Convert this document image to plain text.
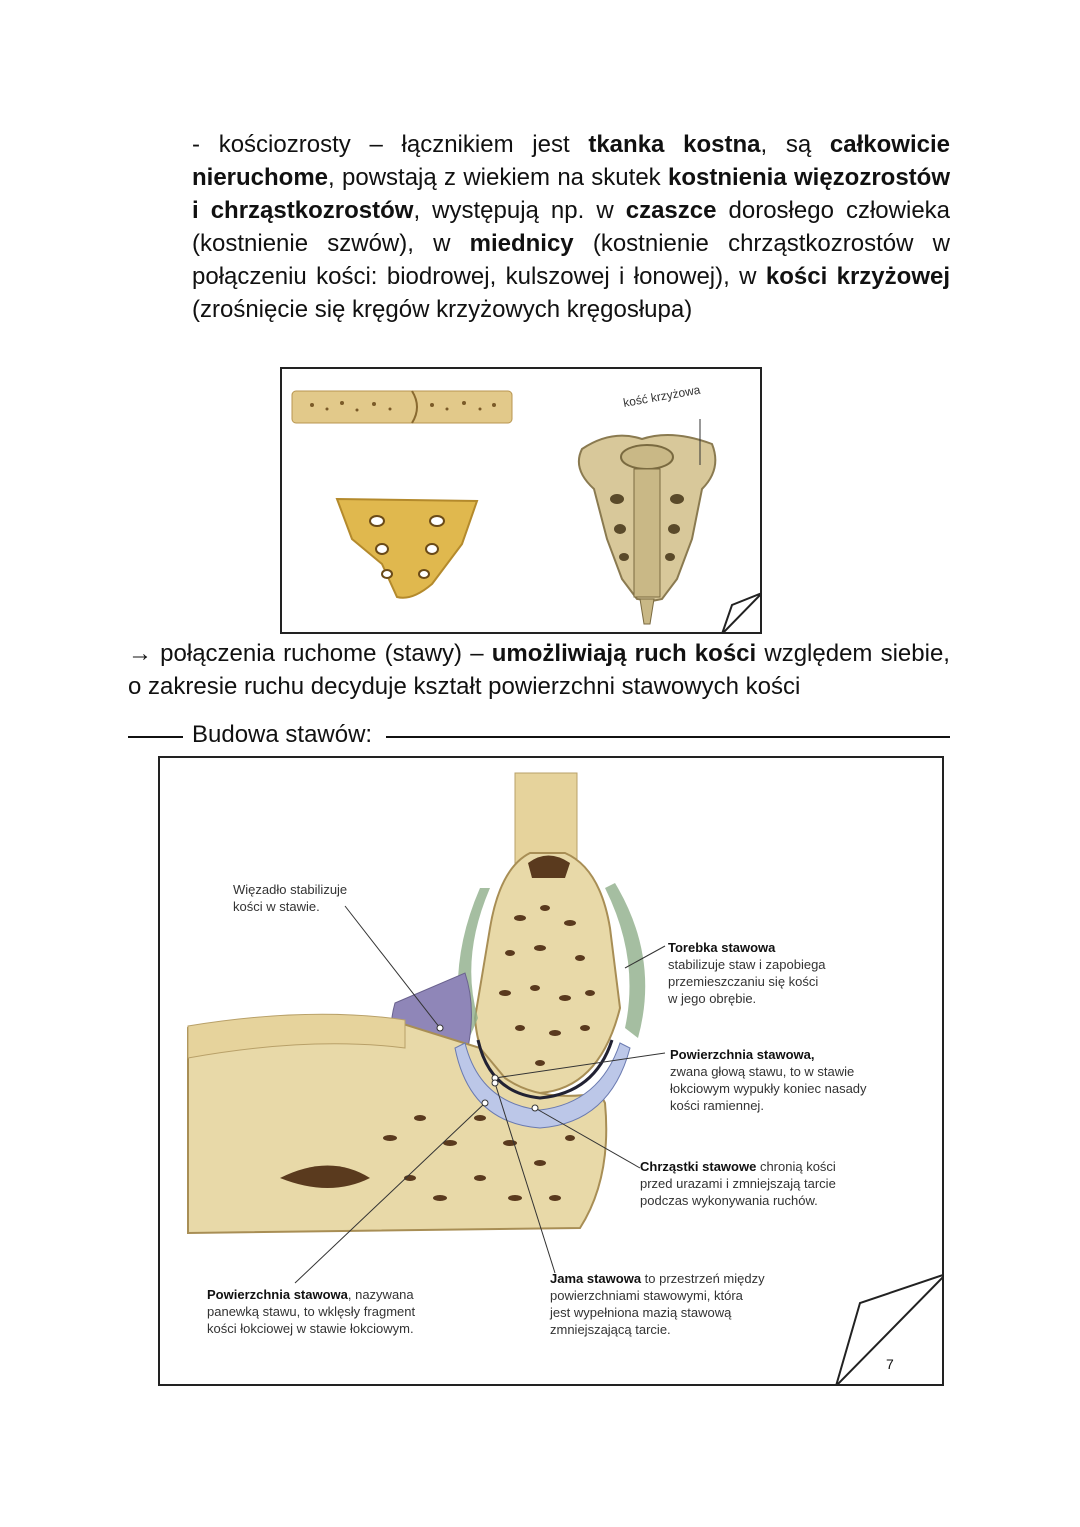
- kościozrosty – łącznikiem jest tkanka kostna, są całkowicie nieruchome, powstają z wiekiem na skutek kostnienia więzozrostów i chrząstkozrostów, występują np. w czaszce dorosłego człowieka (kostnienie szwów), w miednicy (kostnienie chrząstkozrostów w połączeniu kości: biodrowej, kulszowej i łonowej), w kości krzyżowej (zrośnięcie się kręgów krzyżowych kręgosłupa)
kość krzyżowa
→ połączenia ruchome (stawy) – umożliwiają ruch kości względem siebie, o zakresie ruchu decyduje kształt powierzchni stawowych kości
Budowa stawów:
Więzadło stabilizuje
kości w stawie.
Torebka stawowa
stabilizuje staw i zapobiega
przemieszczaniu się kości
w jego obrębie.
Powierzchnia stawowa,
zwana głową stawu, to w stawie
łokciowym wypukły koniec nasady
kości ramiennej.
Chrząstki stawowe chronią kości
przed urazami i zmniejszają tarcie
podczas wykonywania ruchów.
Powierzchnia stawowa, nazywana
panewką stawu, to wklęsły fragment
kości łokciowej w stawie łokciowym.
Jama stawowa to przestrzeń między
powierzchniami stawowymi, która
jest wypełniona mazią stawową
zmniejszającą tarcie.
7
